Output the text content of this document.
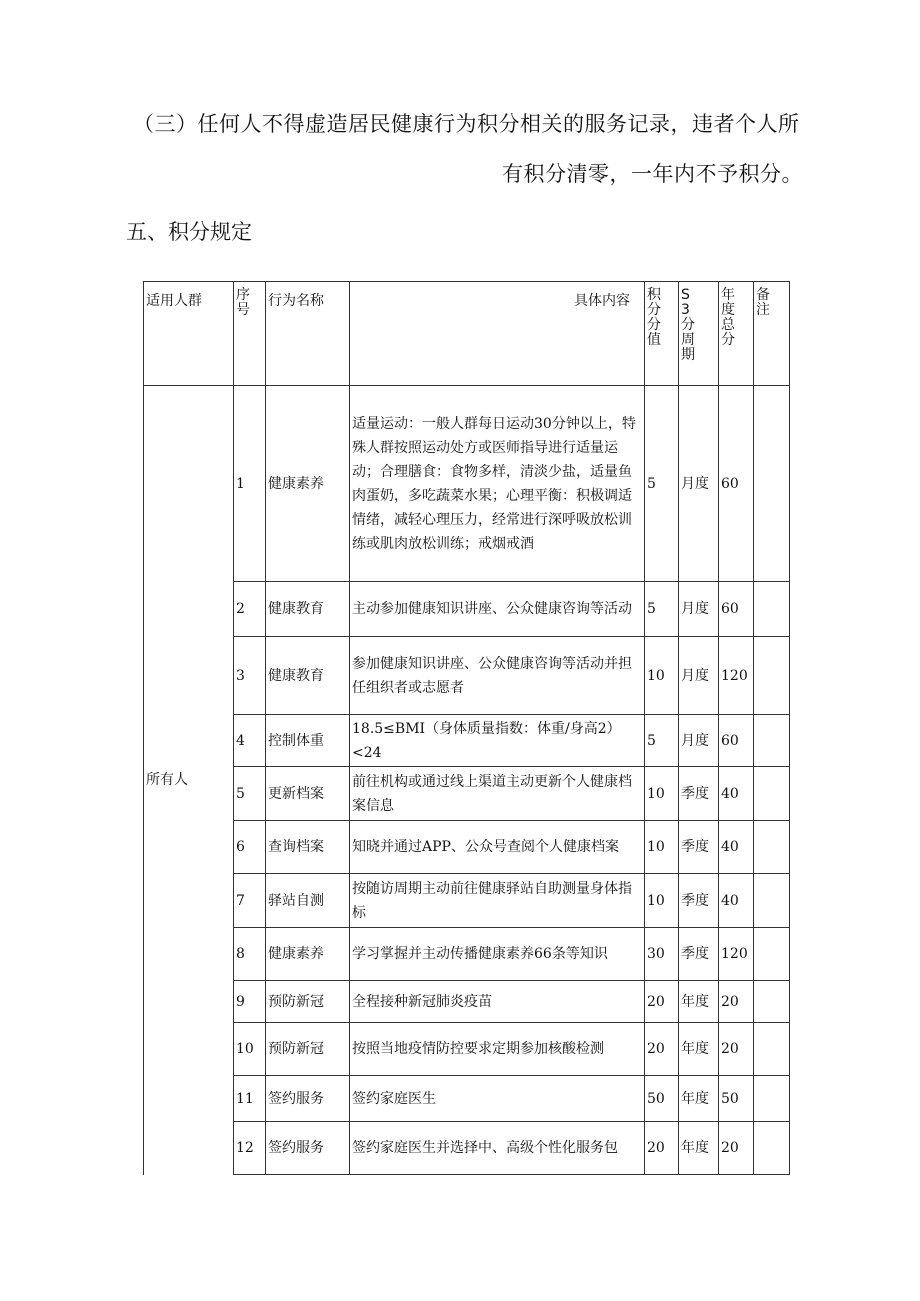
（三）任何人不得虚造居民健康行为积分相关的服务记录，违者个人所
有积分清零，一年内不予积分。
五、积分规定
适用人群	序号	行为名称	具体内容	积分分值	S3分周期	年度总分	备注

所有人	1	健康素养	适量运动：一般人群每日运动30分钟以上，特殊人群按照运动处方或医师指导进行适量运动；合理膳食：食物多样，清淡少盐，适量鱼肉蛋奶，多吃蔬菜水果；心理平衡：积极调适情绪，减轻心理压力，经常进行深呼吸放松训练或肌肉放松训练；戒烟戒酒	5	月度	60	
	2	健康教育	主动参加健康知识讲座、公众健康咨询等活动	5	月度	60	
	3	健康教育	参加健康知识讲座、公众健康咨询等活动并担任组织者或志愿者	10	月度	120	
	4	控制体重	18.5≤BMI（身体质量指数：体重/身高2）<24	5	月度	60	
	5	更新档案	前往机构或通过线上渠道主动更新个人健康档案信息	10	季度	40	
	6	查询档案	知晓并通过APP、公众号查阅个人健康档案	10	季度	40	
	7	驿站自测	按随访周期主动前往健康驿站自助测量身体指标	10	季度	40	
	8	健康素养	学习掌握并主动传播健康素养66条等知识	30	季度	120	
	9	预防新冠	全程接种新冠肺炎疫苗	20	年度	20	
	10	预防新冠	按照当地疫情防控要求定期参加核酸检测	20	年度	20	
	11	签约服务	签约家庭医生	50	年度	50	
	12	签约服务	签约家庭医生并选择中、高级个性化服务包	20	年度	20	
